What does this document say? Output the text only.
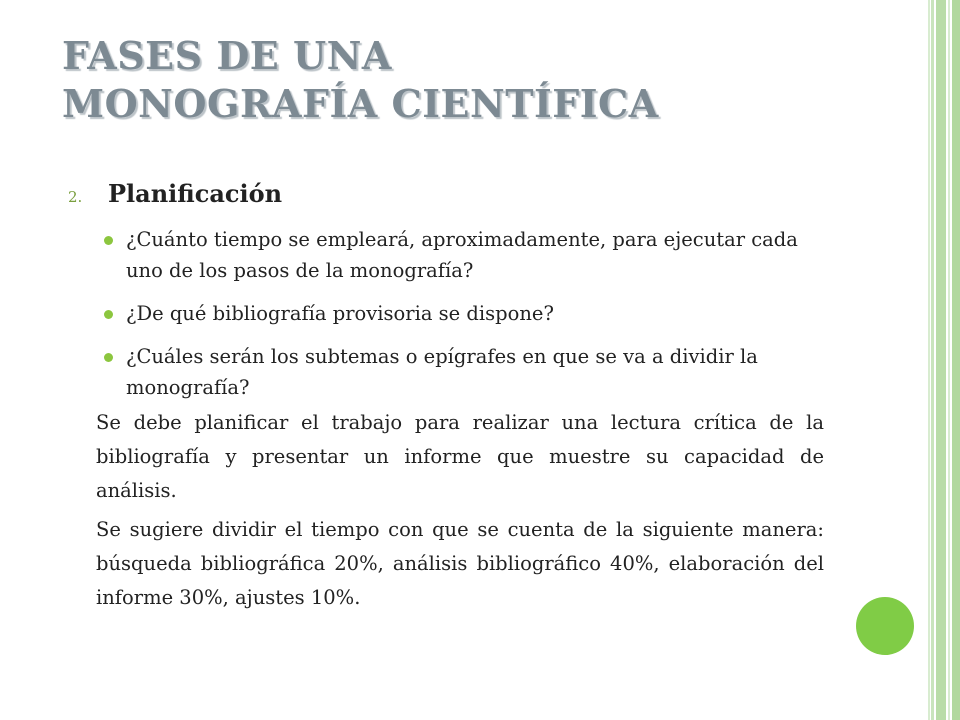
FASES DE UNA
MONOGRAFÍA CIENTÍFICA
2. Planificación
¿Cuánto tiempo se empleará, aproximadamente, para ejecutar cada uno de los pasos de la monografía?
¿De qué bibliografía provisoria se dispone?
¿Cuáles serán los subtemas o epígrafes en que se va a dividir la monografía?

Se debe planificar el trabajo para realizar una lectura crítica de la bibliografía y presentar un informe que muestre su capacidad de análisis.

Se sugiere dividir el tiempo con que se cuenta de la siguiente manera: búsqueda bibliográfica 20%, análisis bibliográfico 40%, elaboración del informe 30%, ajustes 10%.
